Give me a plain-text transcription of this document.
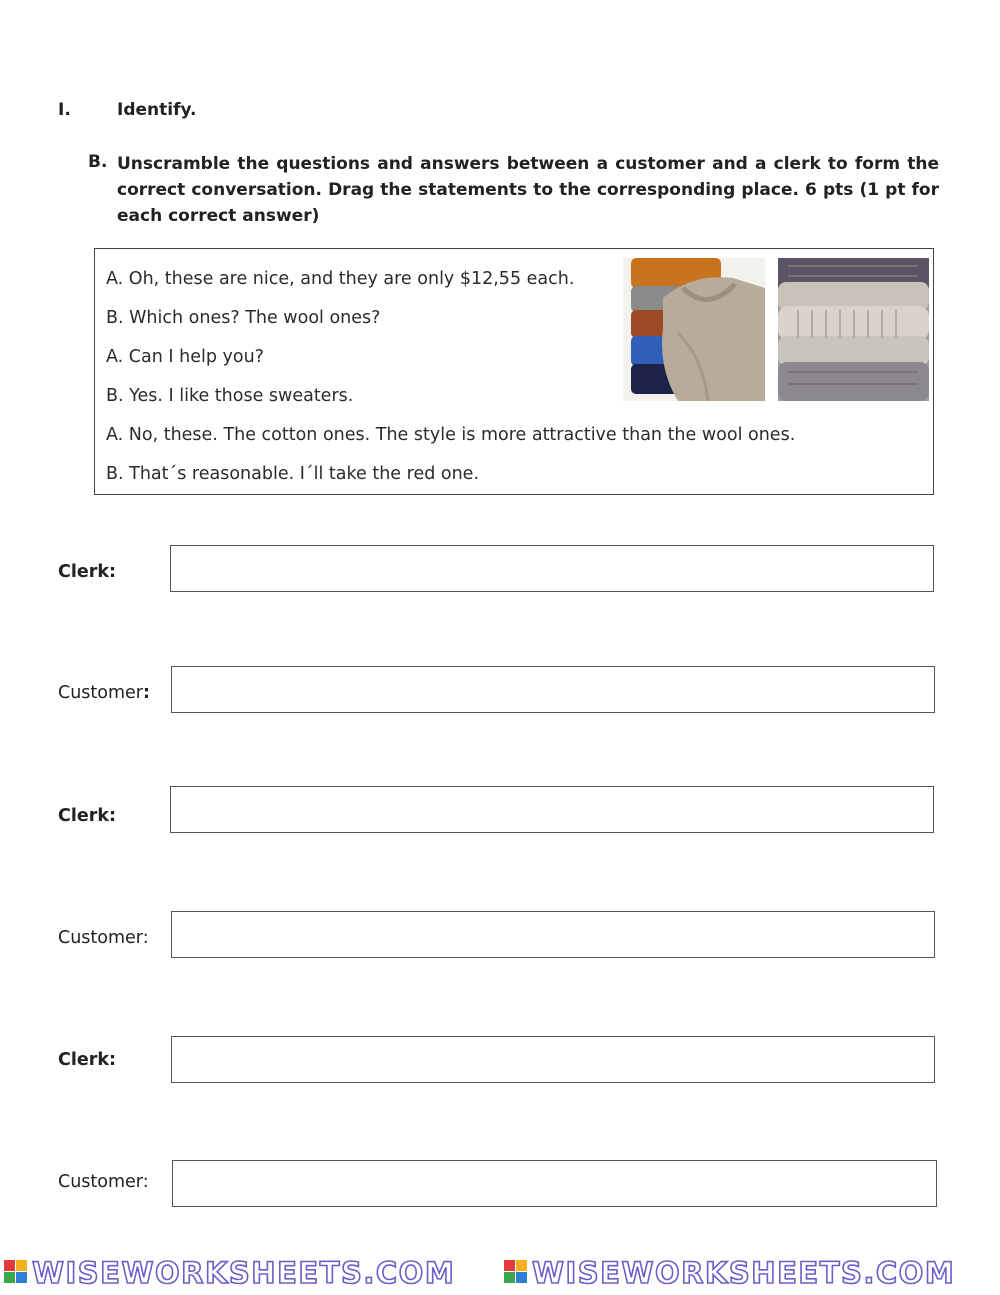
I.	Identify.
B. Unscramble the questions and answers between a customer and a clerk to form the correct conversation. Drag the statements to the corresponding place. 6 pts (1 pt for each correct answer)
A. Oh, these are nice, and they are only $12,55 each.
B. Which ones? The wool ones?
A. Can I help you?
B. Yes. I like those sweaters.
A. No, these. The cotton ones. The style is more attractive than the wool ones.
B. That´s reasonable. I´ll take the red one.
Clerk:
Customer:
Clerk:
Customer:
Clerk:
Customer:
WISEWORKSHEETS.COM	WISEWORKSHEETS.COM
